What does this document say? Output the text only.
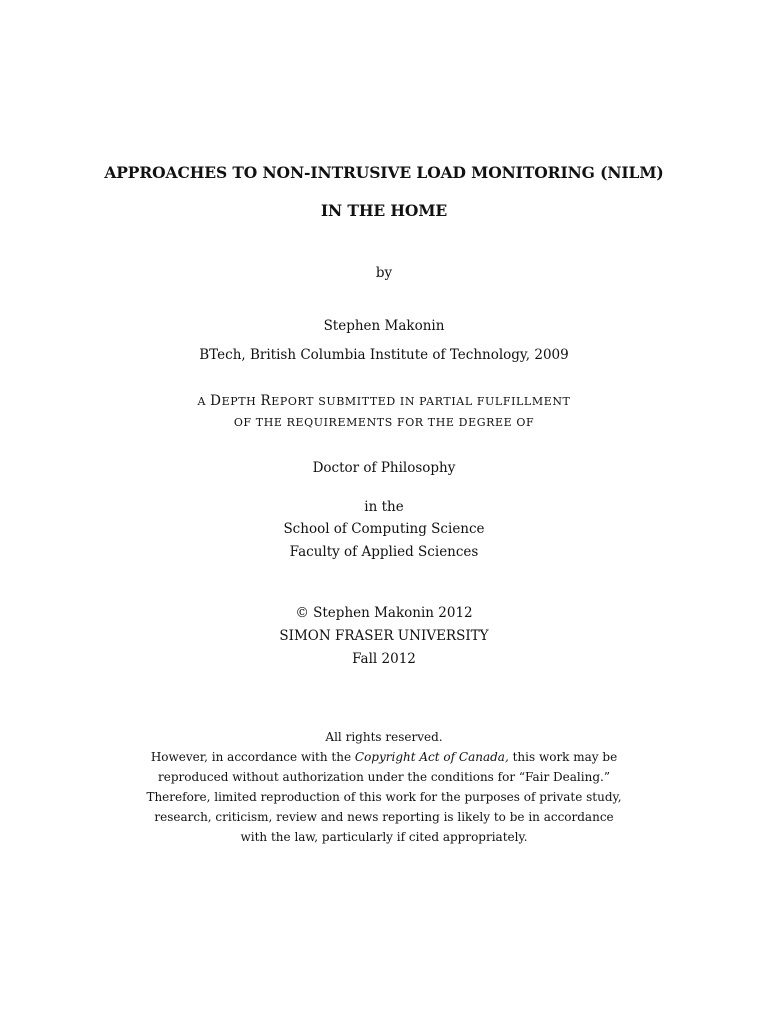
APPROACHES TO NON-INTRUSIVE LOAD MONITORING (NILM)

IN THE HOME

by

Stephen Makonin

BTech, British Columbia Institute of Technology, 2009

A DEPTH REPORT SUBMITTED IN PARTIAL FULFILLMENT

OF THE REQUIREMENTS FOR THE DEGREE OF

Doctor of Philosophy

in the

School of Computing Science

Faculty of Applied Sciences

© Stephen Makonin 2012

SIMON FRASER UNIVERSITY

Fall 2012

All rights reserved.

However, in accordance with the Copyright Act of Canada, this work may be

reproduced without authorization under the conditions for “Fair Dealing.”

Therefore, limited reproduction of this work for the purposes of private study,

research, criticism, review and news reporting is likely to be in accordance

with the law, particularly if cited appropriately.
